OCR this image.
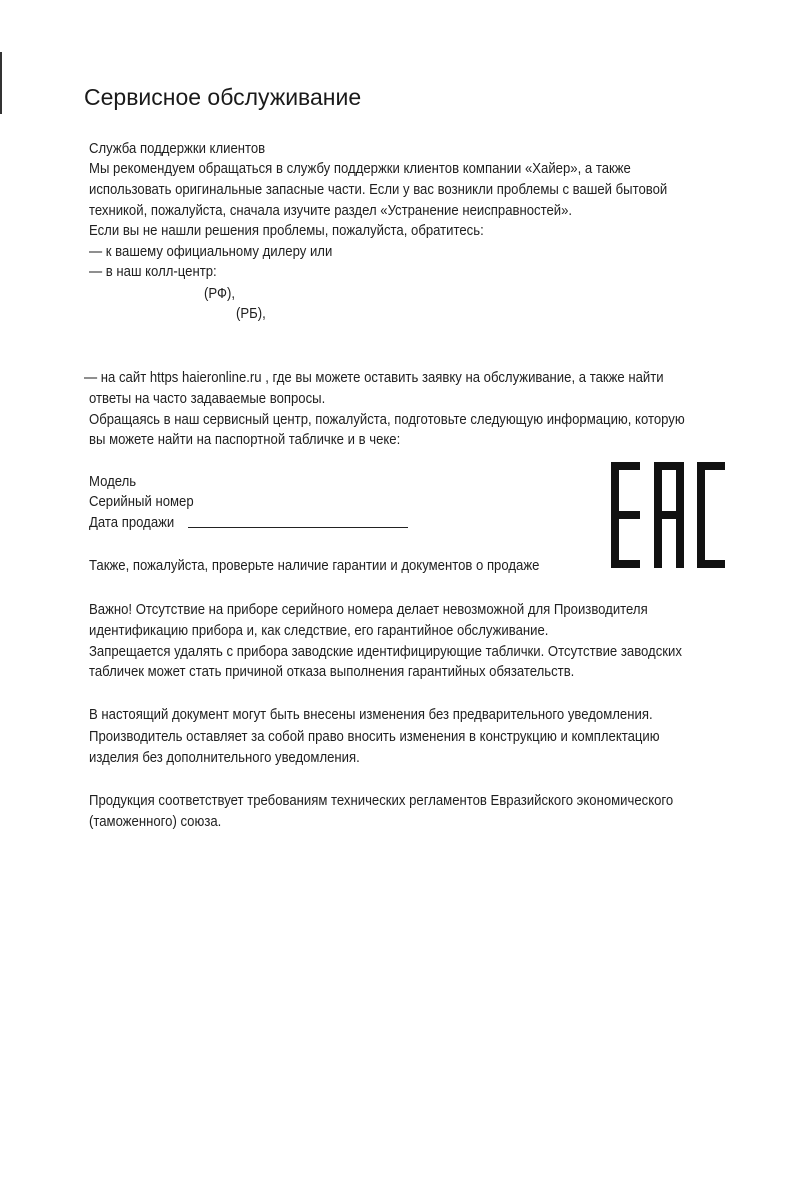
Сервисное обслуживание
Служба поддержки клиентов
Мы рекомендуем обращаться в службу поддержки клиентов компании «Хайер», а также
использовать оригинальные запасные части. Если у вас возникли проблемы с вашей бытовой
техникой, пожалуйста, сначала изучите раздел «Устранение неисправностей».
Если вы не нашли решения проблемы, пожалуйста, обратитесь:
— к вашему официальному дилеру или
— в наш колл-центр:
(РФ),
(РБ),
— на сайт https haieronline.ru , где вы можете оставить заявку на обслуживание, а также найти
ответы на часто задаваемые вопросы.
Обращаясь в наш сервисный центр, пожалуйста, подготовьте следующую информацию, которую
вы можете найти на паспортной табличке и в чеке:
Модель
Серийный номер
Дата продажи
Также, пожалуйста, проверьте наличие гарантии и документов о продаже
Важно! Отсутствие на приборе серийного номера делает невозможной для Производителя
идентификацию прибора и, как следствие, его гарантийное обслуживание.
Запрещается удалять с прибора заводские идентифицирующие таблички. Отсутствие заводских
табличек может стать причиной отказа выполнения гарантийных обязательств.
В настоящий документ могут быть внесены изменения без предварительного уведомления.
Производитель оставляет за собой право вносить изменения в конструкцию и комплектацию
изделия без дополнительного уведомления.
Продукция соответствует требованиям технических регламентов Евразийского экономического
(таможенного) союза.
